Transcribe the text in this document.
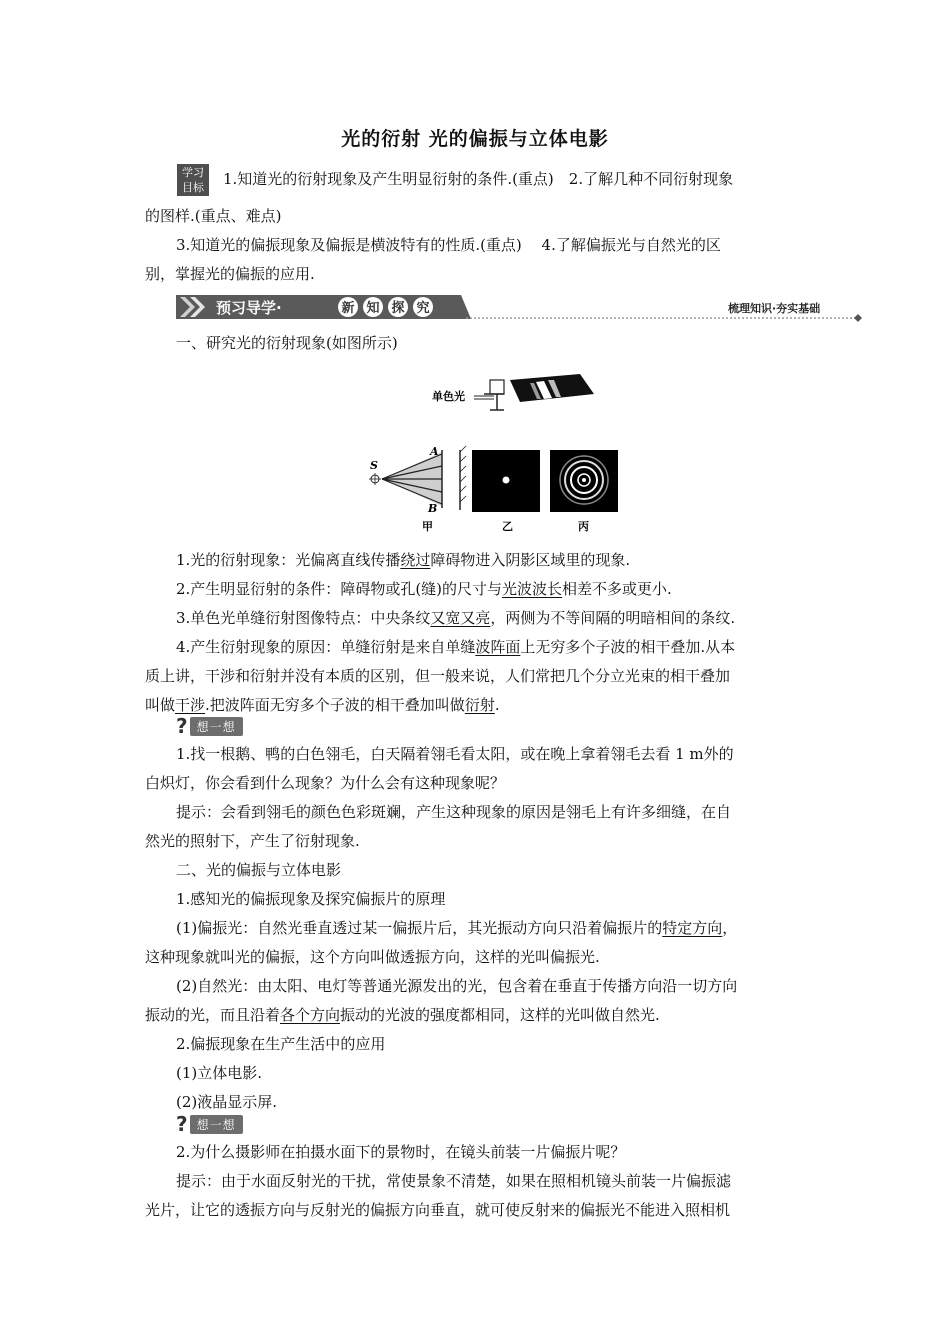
光的衍射 光的偏振与立体电影

学习
目标 1.知道光的衍射现象及产生明显衍射的条件.(重点)　2.了解几种不同衍射现象

的图样.(重点、难点)

3.知道光的偏振现象及偏振是横波特有的性质.(重点)　 4.了解偏振光与自然光的区

别，掌握光的偏振的应用.

预习导学·	新 知 探 究	梳理知识·夯实基础

一、研究光的衍射现象(如图所示)

单色光
S
A
B
甲	乙	丙

1.光的衍射现象：光偏离直线传播绕过障碍物进入阴影区域里的现象.

2.产生明显衍射的条件：障碍物或孔(缝)的尺寸与光波波长相差不多或更小.

3.单色光单缝衍射图像特点：中央条纹又宽又亮，两侧为不等间隔的明暗相间的条纹.

4.产生衍射现象的原因：单缝衍射是来自单缝波阵面上无穷多个子波的相干叠加.从本

质上讲，干涉和衍射并没有本质的区别，但一般来说，人们常把几个分立光束的相干叠加

叫做干涉.把波阵面无穷多个子波的相干叠加叫做衍射.

? 想一想

1.找一根鹅、鸭的白色翎毛，白天隔着翎毛看太阳，或在晚上拿着翎毛去看 1 m外的

白炽灯，你会看到什么现象？为什么会有这种现象呢？

提示：会看到翎毛的颜色色彩斑斓，产生这种现象的原因是翎毛上有许多细缝，在自

然光的照射下，产生了衍射现象.

二、光的偏振与立体电影

1.感知光的偏振现象及探究偏振片的原理

(1)偏振光：自然光垂直透过某一偏振片后，其光振动方向只沿着偏振片的特定方向，

这种现象就叫光的偏振，这个方向叫做透振方向，这样的光叫偏振光.

(2)自然光：由太阳、电灯等普通光源发出的光，包含着在垂直于传播方向沿一切方向

振动的光，而且沿着各个方向振动的光波的强度都相同，这样的光叫做自然光.

2.偏振现象在生产生活中的应用

(1)立体电影.

(2)液晶显示屏.

? 想一想

2.为什么摄影师在拍摄水面下的景物时，在镜头前装一片偏振片呢？

提示：由于水面反射光的干扰，常使景象不清楚，如果在照相机镜头前装一片偏振滤

光片，让它的透振方向与反射光的偏振方向垂直，就可使反射来的偏振光不能进入照相机
